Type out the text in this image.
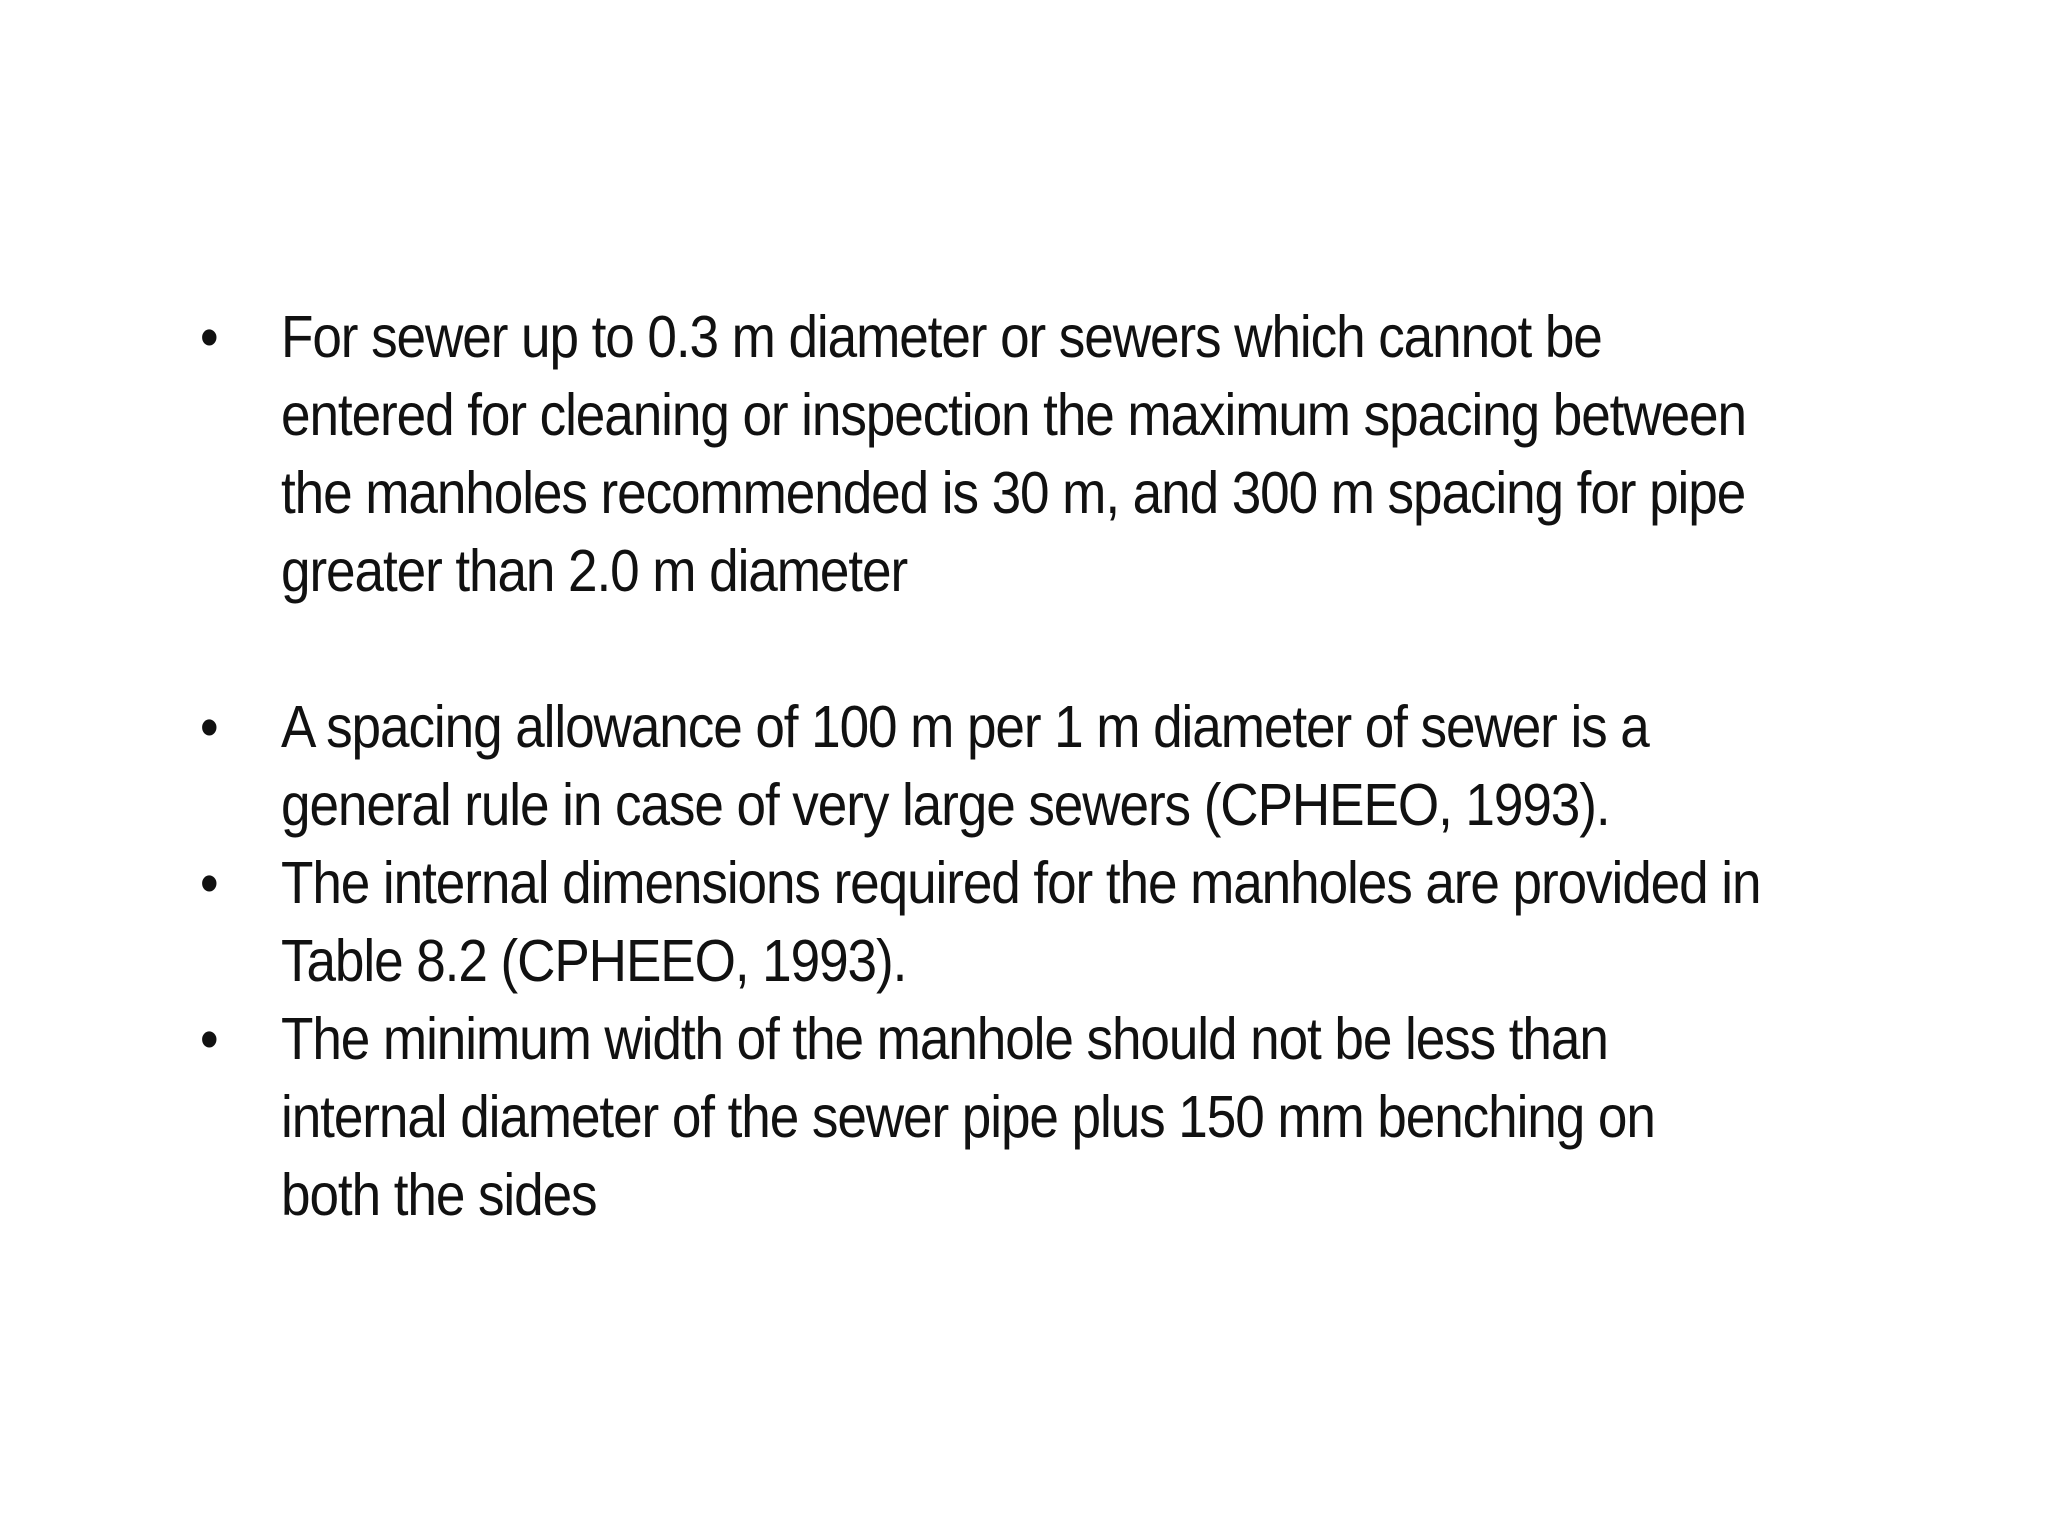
•	For sewer up to 0.3 m diameter or sewers which cannot be entered for cleaning or inspection the maximum spacing between the manholes recommended is 30 m, and 300 m spacing for pipe greater than 2.0 m diameter
•	A spacing allowance of 100 m per 1 m diameter of sewer is a general rule in case of very large sewers (CPHEEO, 1993).
•	The internal dimensions required for the manholes are provided in Table 8.2 (CPHEEO, 1993).
•	The minimum width of the manhole should not be less than internal diameter of the sewer pipe plus 150 mm benching on both the sides
